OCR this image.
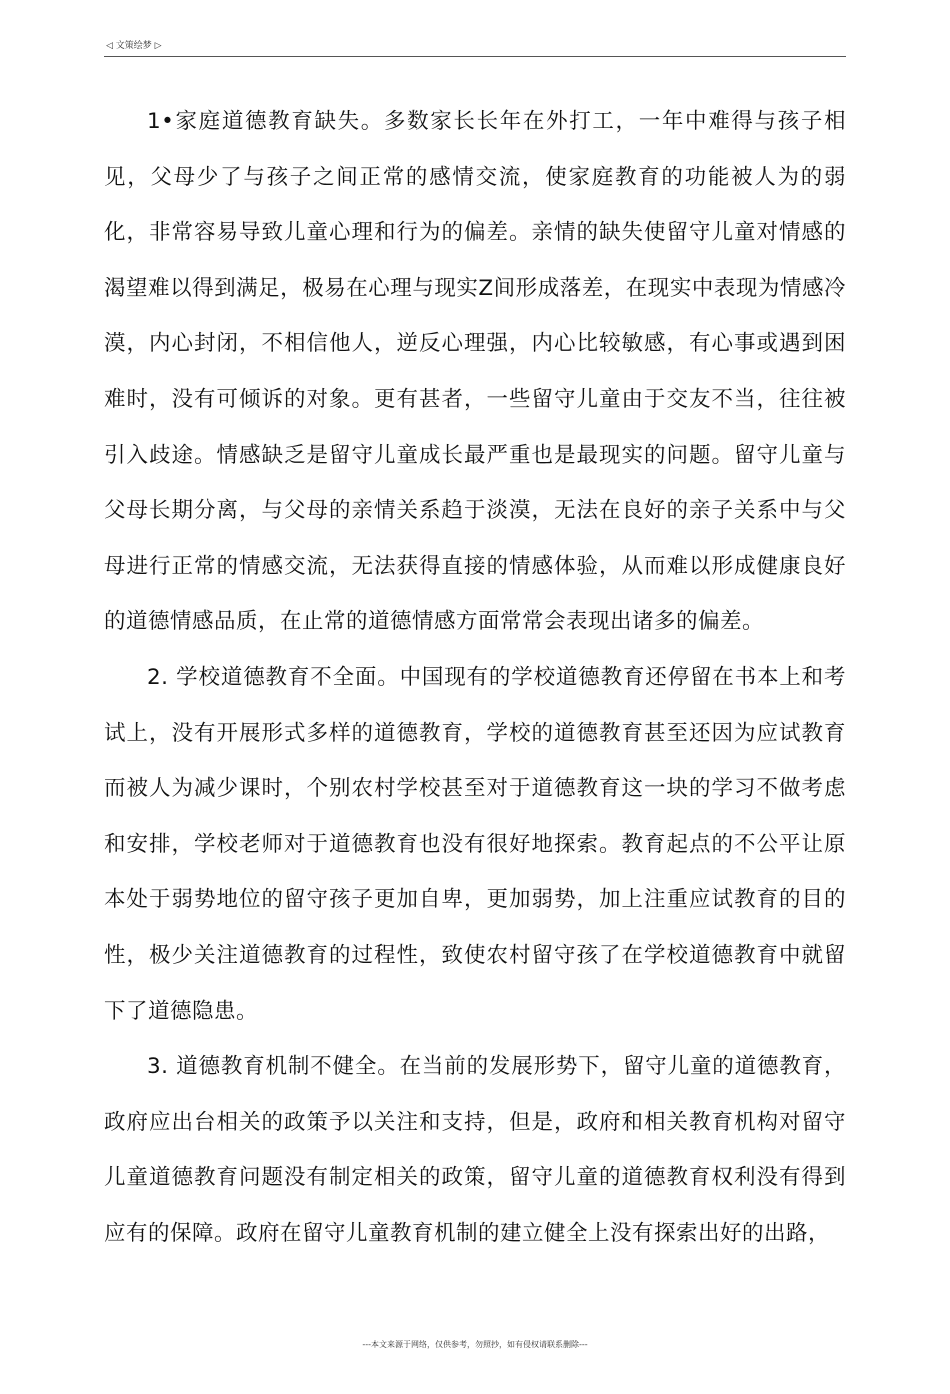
◁ 文策绘梦 ▷

1•家庭道德教育缺失。多数家长长年在外打工，一年中难得与孩子相见，父母少了与孩子之间正常的感情交流，使家庭教育的功能被人为的弱化，非常容易导致儿童心理和行为的偏差。亲情的缺失使留守儿童对情感的渴望难以得到满足，极易在心理与现实Z间形成落差，在现实中表现为情感冷漠，内心封闭，不相信他人，逆反心理强，内心比较敏感，有心事或遇到困难时，没有可倾诉的对象。更有甚者，一些留守儿童由于交友不当，往往被引入歧途。情感缺乏是留守儿童成长最严重也是最现实的问题。留守儿童与父母长期分离，与父母的亲情关系趋于淡漠，无法在良好的亲子关系中与父母进行正常的情感交流，无法获得直接的情感体验，从而难以形成健康良好的道德情感品质，在止常的道德情感方面常常会表现出诸多的偏差。

2. 学校道德教育不全面。中国现有的学校道德教育还停留在书本上和考试上，没有开展形式多样的道德教育，学校的道德教育甚至还因为应试教育而被人为减少课时，个别农村学校甚至对于道德教育这一块的学习不做考虑和安排，学校老师对于道德教育也没有很好地探索。教育起点的不公平让原本处于弱势地位的留守孩子更加自卑，更加弱势，加上注重应试教育的目的性，极少关注道德教育的过程性，致使农村留守孩了在学校道德教育中就留下了道德隐患。

3. 道德教育机制不健全。在当前的发展形势下，留守儿童的道德教育，政府应出台相关的政策予以关注和支持，但是，政府和相关教育机构对留守儿童道德教育问题没有制定相关的政策，留守儿童的道德教育权利没有得到应有的保障。政府在留守儿童教育机制的建立健全上没有探索出好的出路，

---本文来源于网络，仅供参考，勿照抄，如有侵权请联系删除---
